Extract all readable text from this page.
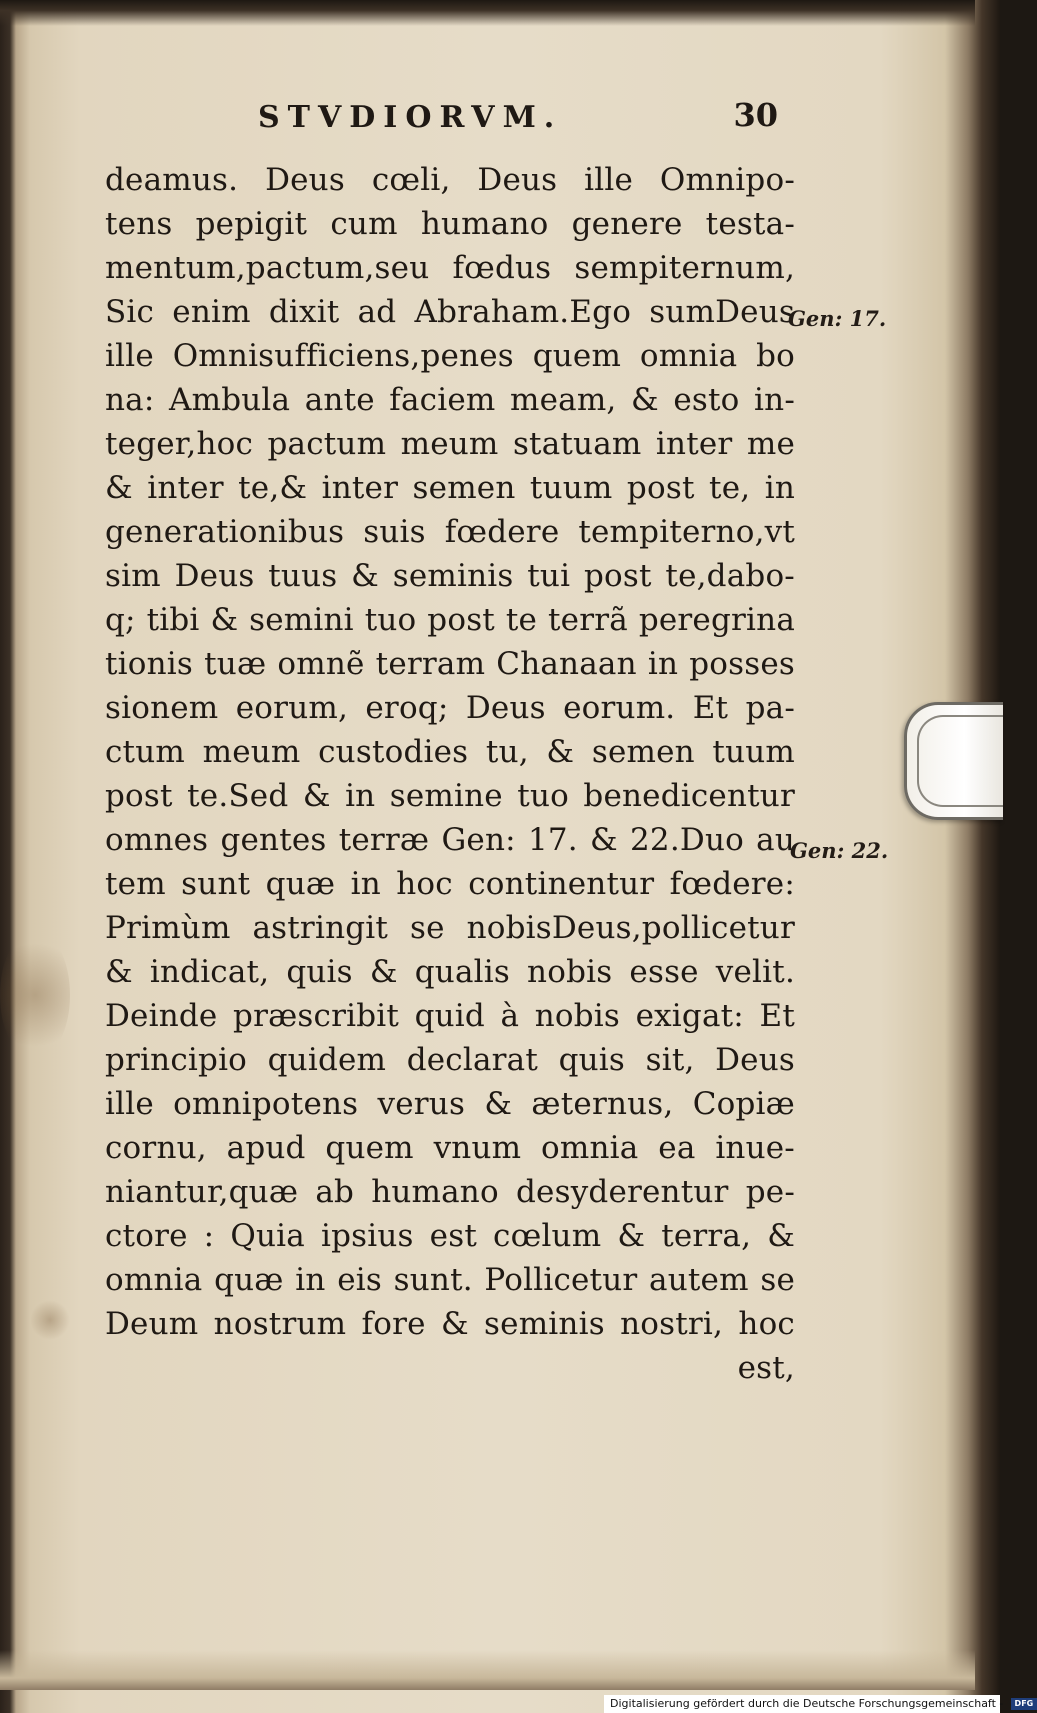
STVDIORVM.	30
deamus. Deus cœli, Deus ille Omnipo-
tens pepigit cum humano genere testa-
mentum,pactum,seu fœdus sempiternum,
Sic enim dixit ad Abraham.Ego sumDeus
ille Omnisufficiens,penes quem omnia bo
na: Ambula ante faciem meam, & esto in-
teger,hoc pactum meum statuam inter me
& inter te,& inter semen tuum post te, in
generationibus suis fœdere tempiterno,vt
sim Deus tuus & seminis tui post te,dabo-
q; tibi & semini tuo post te terrã peregrina
tionis tuæ omnẽ terram Chanaan in posses
sionem eorum, eroq; Deus eorum. Et pa-
ctum meum custodies tu, & semen tuum
post te.Sed & in semine tuo benedicentur
omnes gentes terræ Gen: 17. & 22.Duo au
tem sunt quæ in hoc continentur fœdere:
Primùm astringit se nobisDeus,pollicetur
& indicat, quis & qualis nobis esse velit.
Deinde præscribit quid à nobis exigat: Et
principio quidem declarat quis sit, Deus
ille omnipotens verus & æternus, Copiæ
cornu, apud quem vnum omnia ea inue-
niantur,quæ ab humano desyderentur pe-
ctore : Quia ipsius est cœlum & terra, &
omnia quæ in eis sunt. Pollicetur autem se
Deum nostrum fore & seminis nostri, hoc
est,
Gen: 17.
Gen: 22.
Digitalisierung gefördert durch die Deutsche Forschungsgemeinschaft - DFG
